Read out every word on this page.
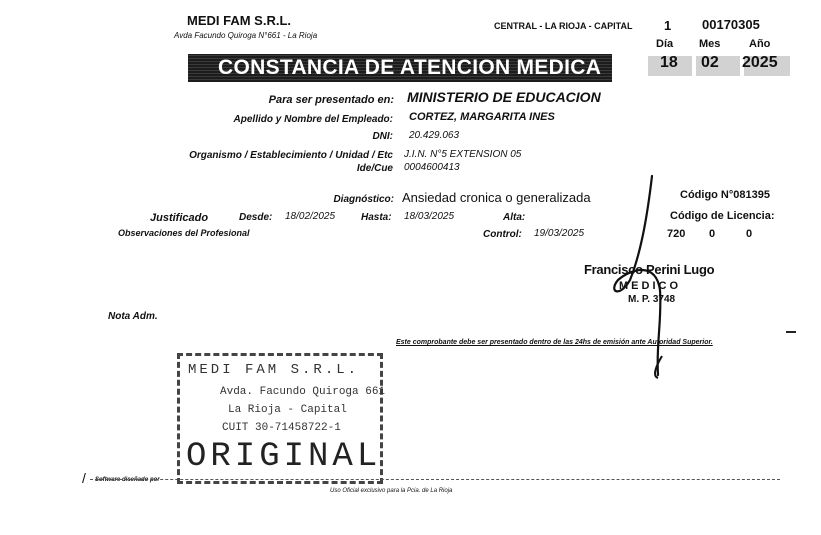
MEDI FAM S.R.L.
Avda Facundo Quiroga N°661 - La Rioja
CENTRAL - LA RIOJA - CAPITAL 1 00170305
CONSTANCIA DE ATENCION MEDICA
Día Mes	Año
18 02 2025
Para ser presentado en: MINISTERIO DE EDUCACION
Apellido y Nombre del Empleado: CORTEZ, MARGARITA INES
DNI: 20.429.063
Organismo / Establecimiento / Unidad / Etc J.I.N. N°5 EXTENSION 05
Ide/Cue 0004600413
Diagnóstico: Ansiedad cronica o generalizada	Código N°081395
Justificado	Desde: 18/02/2025	Hasta: 18/03/2025	Alta:	Código de Licencia:
Observaciones del Profesional	Control: 19/03/2025	720 0	0
Francisco Perini Lugo
MEDICO
M. P. 3748
Nota Adm.
Este comprobante debe ser presentado dentro de las 24hs de emisión ante Autoridad Superior.
MEDI FAM S.R.L.
Avda. Facundo Quiroga 661
La Rioja - Capital
CUIT 30-71458722-1
ORIGINAL
Software diseñado por
/
Uso Oficial exclusivo para la Pcia. de La Rioja
